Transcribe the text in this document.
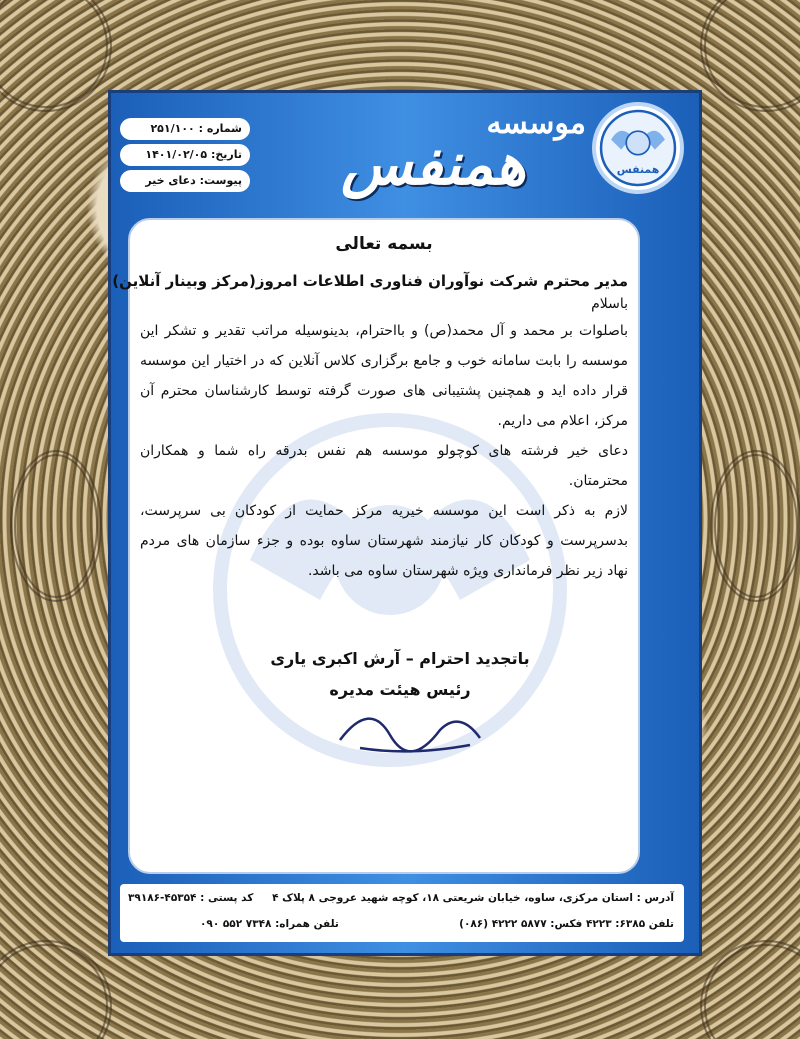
همنفس
موسسه
همنفس
شماره : ۲۵۱/۱۰۰
تاریخ: ۱۴۰۱/۰۲/۰۵
پیوست: دعای خیر
بسمه تعالی
مدیر محترم شرکت نوآوران فناوری اطلاعات امروز(مرکز وبینار آنلاین)
باسلام
باصلوات بر محمد و آل محمد(ص) و بااحترام، بدینوسیله مراتب تقدیر و تشکر این موسسه را بابت سامانه خوب و جامع برگزاری کلاس آنلاین که در اختیار این موسسه قرار داده اید و همچنین پشتیبانی های صورت گرفته توسط کارشناسان محترم آن مرکز، اعلام می داریم.
دعای خیر فرشته های کوچولو موسسه هم نفس بدرقه راه شما و همکاران محترمتان.
لازم به ذکر است این موسسه خیریه مرکز حمایت از کودکان بی سرپرست، بدسرپرست و کودکان کار نیازمند شهرستان ساوه بوده و جزء سازمان های مردم نهاد زیر نظر فرمانداری ویژه شهرستان ساوه می باشد.
باتجدید احترام – آرش اکبری یاری
رئیس هیئت مدیره
آدرس : استان مرکزی، ساوه، خیابان شریعتی ۱۸، کوچه شهید عروجی ۸ پلاک ۴
کد پستی : ۴۵۳۵۴-۳۹۱۸۶
تلفن ۶۳۸۵: ۴۲۲۳ فکس: ۵۸۷۷ ۴۲۲۲ (۰۸۶)
تلفن همراه: ۷۳۴۸ ۵۵۲ ۰۹۰
